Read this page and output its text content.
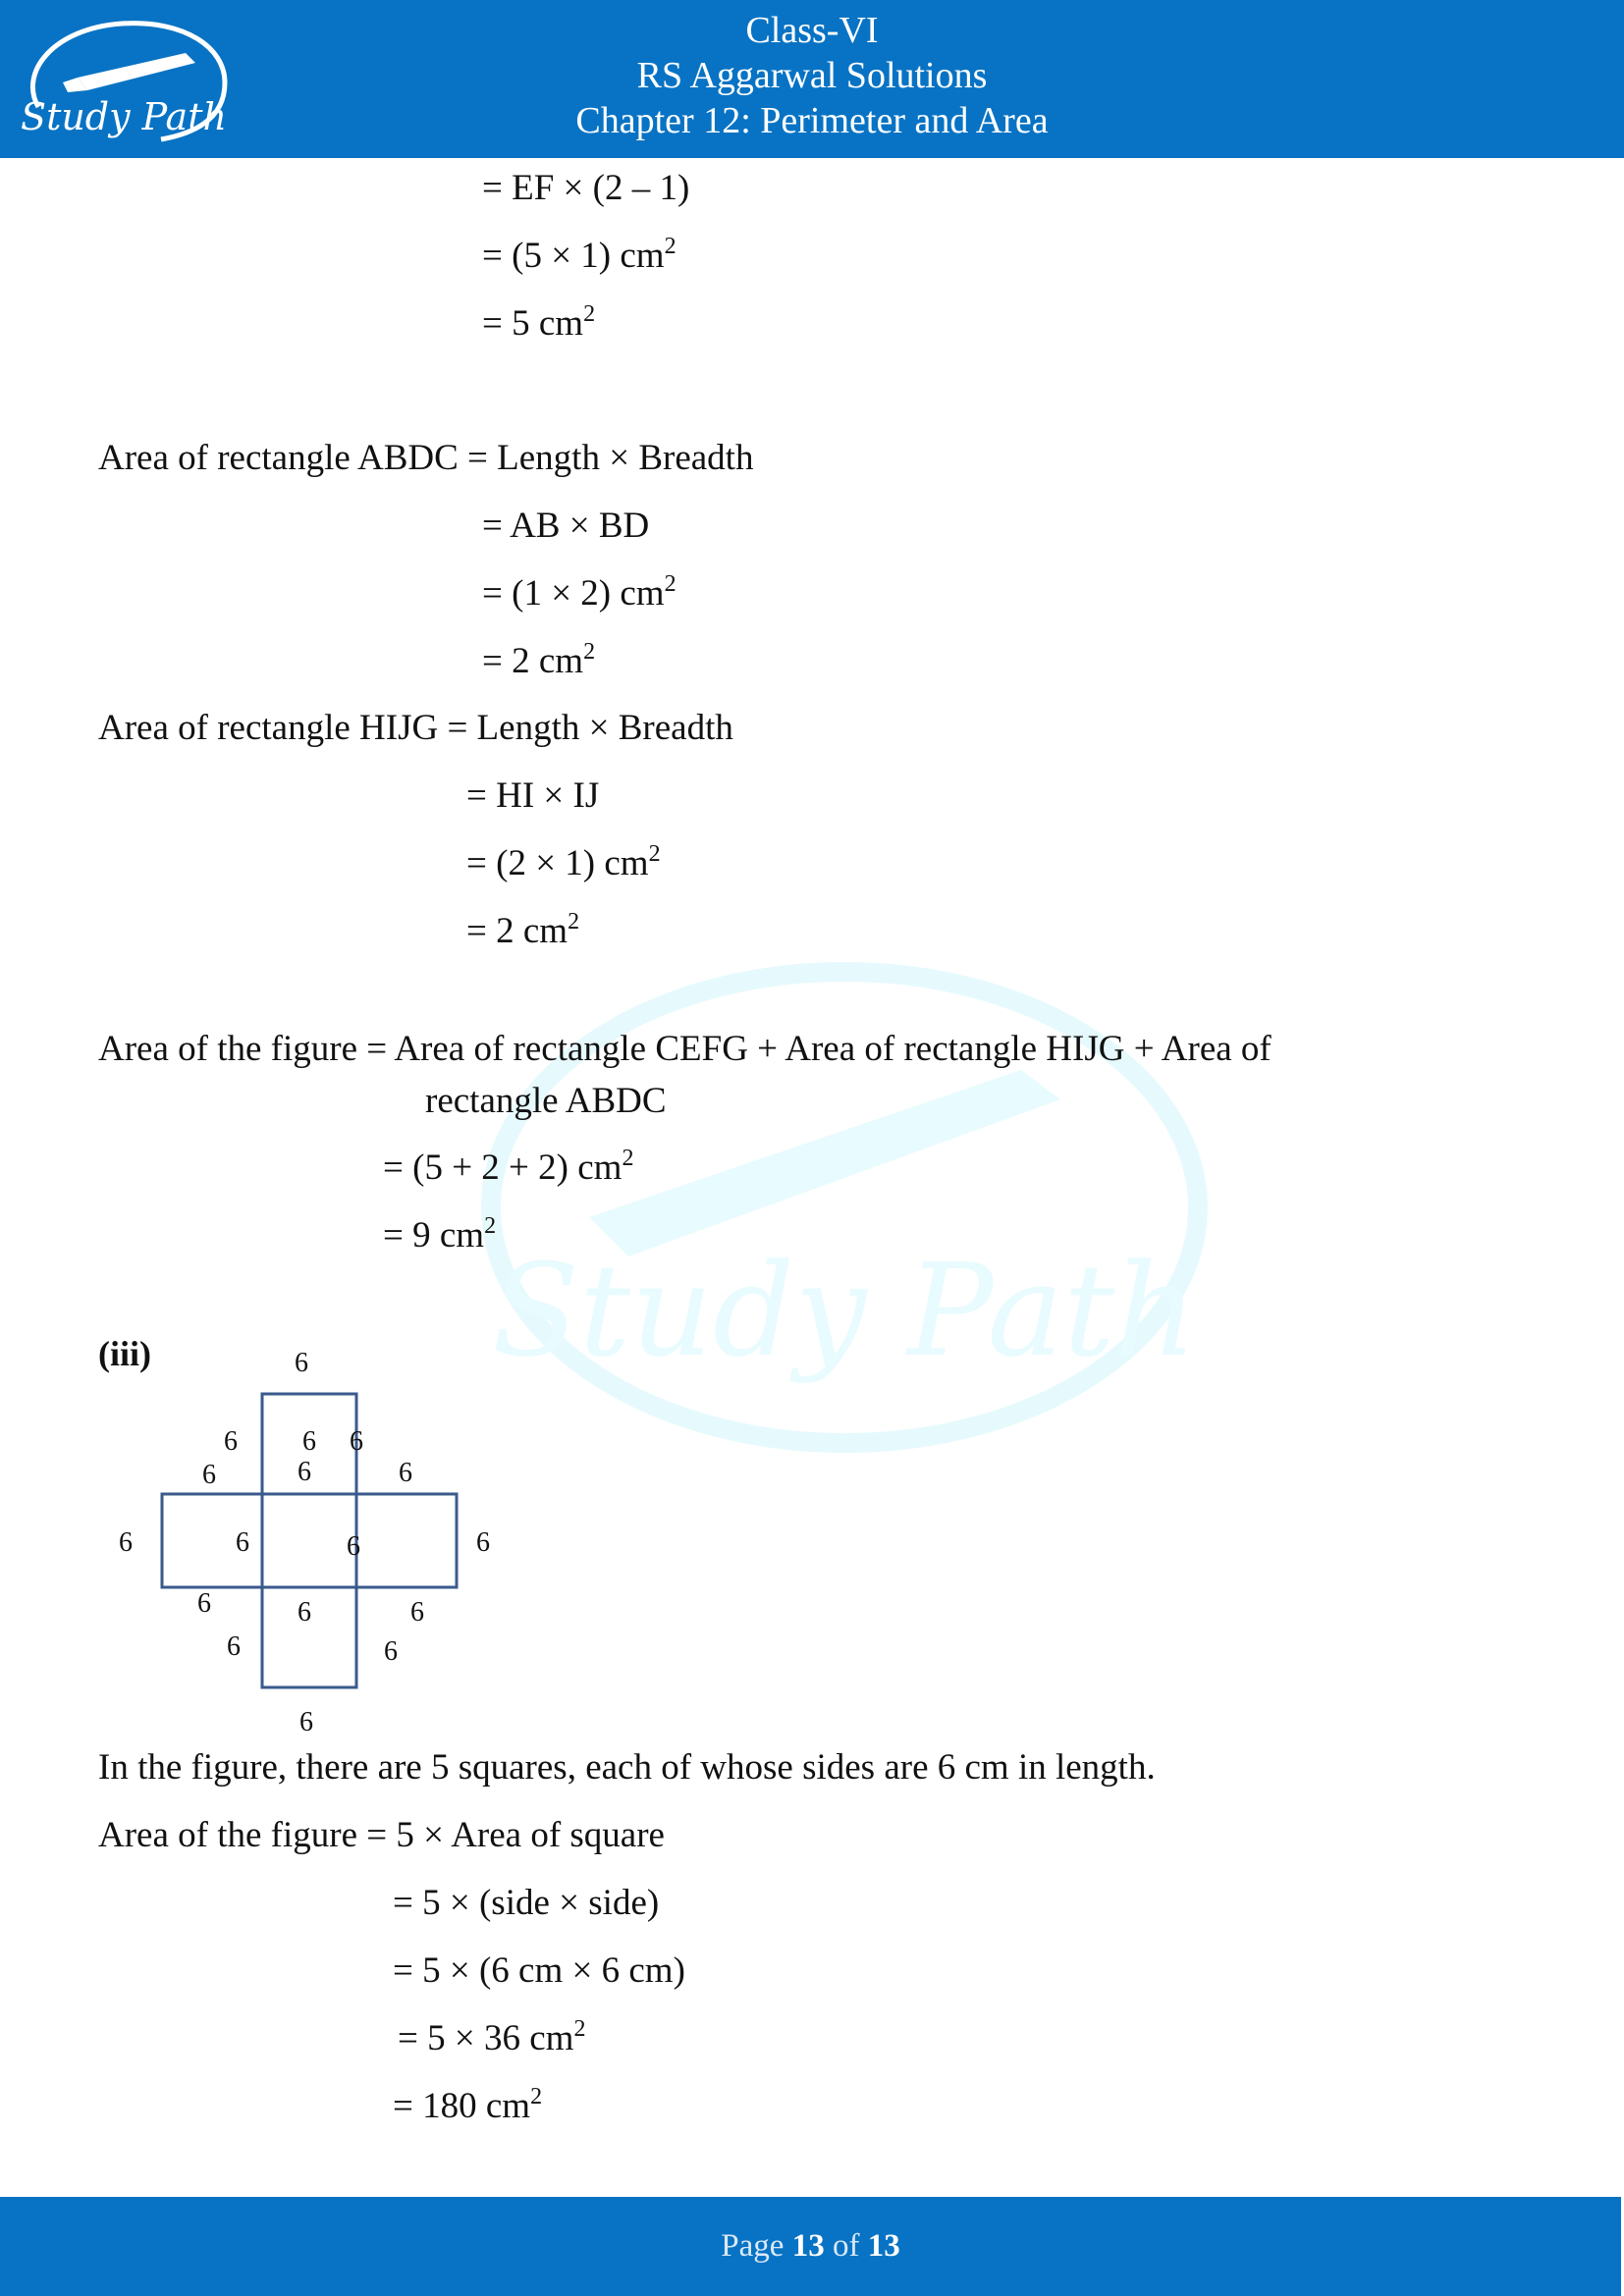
Study Path
Class-VI
RS Aggarwal Solutions
Chapter 12: Perimeter and Area
Study Path
= EF × (2 – 1)
= (5 × 1) $cm^2$
= 5 $cm^2$
Area of rectangle ABDC = Length × Breadth
= AB × BD
= (1 × 2) $cm^2$
= 2 $cm^2$
Area of rectangle HIJG = Length × Breadth
= HI × IJ
= (2 × 1) $cm^2$
= 2 $cm^2$
Area of the figure = Area of rectangle CEFG + Area of rectangle HIJG + Area of
rectangle ABDC
= (5 + 2 + 2) $cm^2$
= 9 $cm^2$
(iii)	6
6 6 6
6
6	6
6	6	6	6
6	6	6
6	6
6
In the figure, there are 5 squares, each of whose sides are 6 cm in length.
Area of the figure = 5 × Area of square
= 5 × (side × side)
= 5 × (6 cm × 6 cm)
= 5 × 36 $cm^2$
= 180 $cm^2$
Page 13 of 13
